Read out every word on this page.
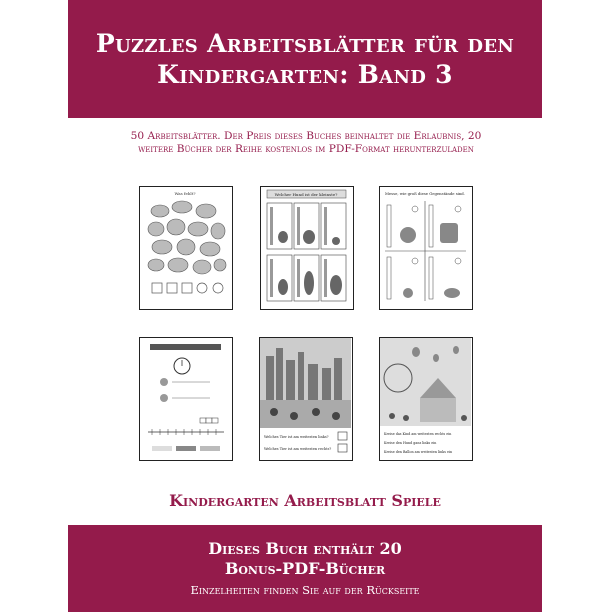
Puzzles Arbeitsblätter für den Kindergarten: Band 3
50 Arbeitsblätter. Der Preis dieses Buches beinhaltet die Erlaubnis, 20 weitere Bücher der Reihe kostenlos im PDF-Format herunterzuladen
Was fehlt?	Welcher Hund ist der kleinste?	Messe, wie groß diese Gegenstände sind.
Welches Tier ist am weitesten links?
Welches Tier ist am weitesten rechts?
Kreise das Kind am weitesten rechts ein
Kreise den Hund ganz links ein
Kreise den Ballon am weitesten links ein
Kindergarten Arbeitsblatt Spiele
Dieses Buch enthält 20
Bonus-PDF-Bücher
Einzelheiten finden Sie auf der Rückseite
